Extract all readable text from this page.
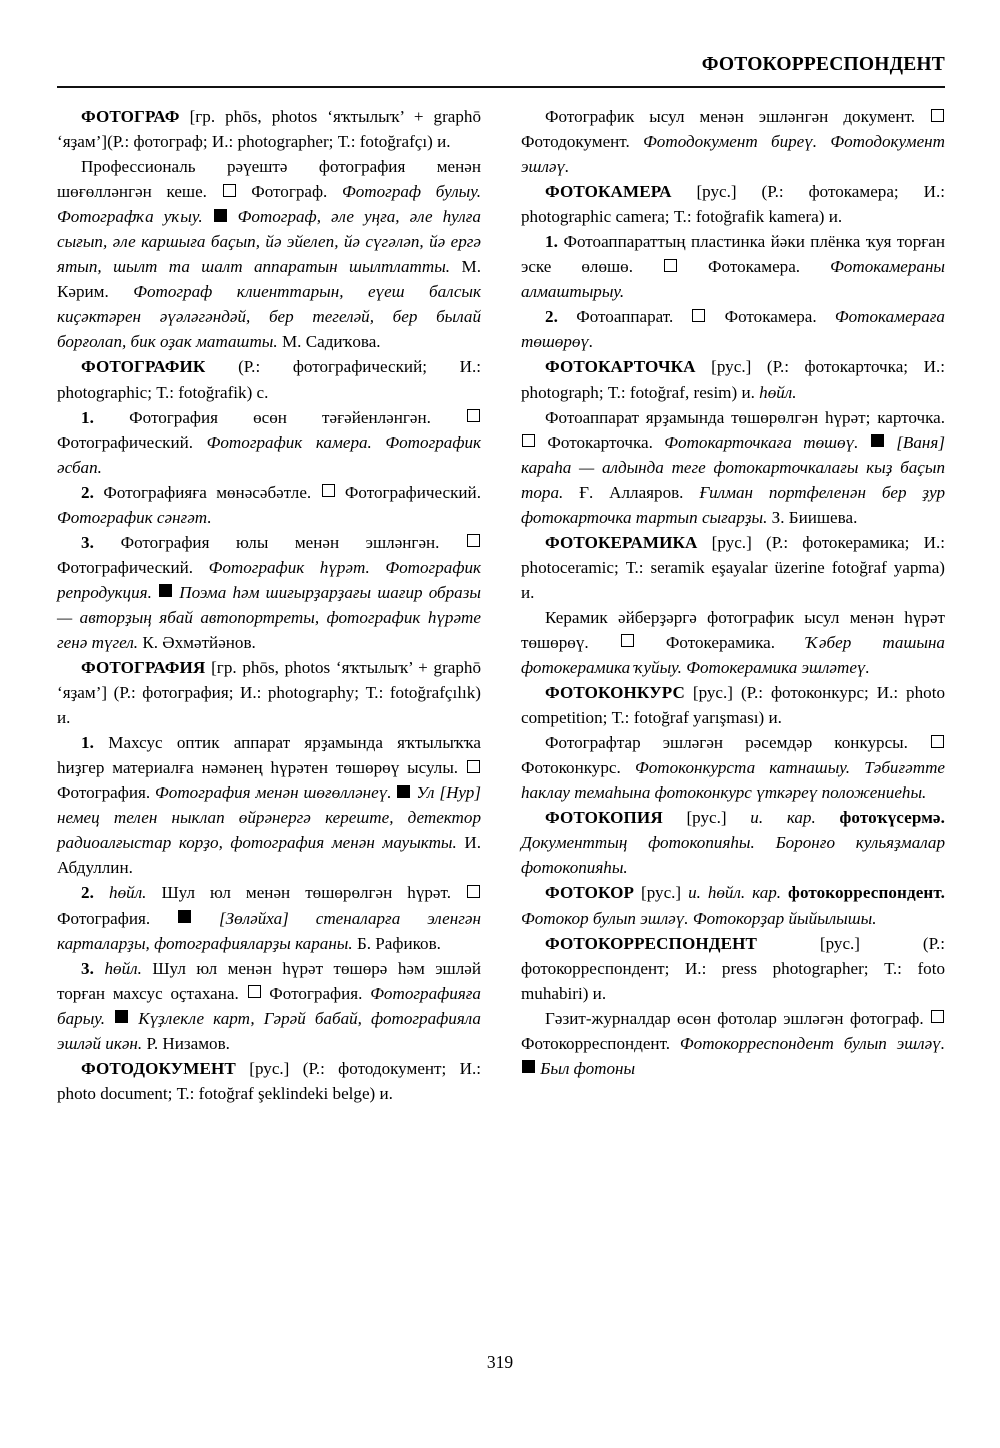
ФОТОКОРРЕСПОНДЕНТ

ФОТОГРАФ [гр. phōs, photos ‘яҡтылыҡ’ + graphō ‘яҙам’](Р.: фотограф; И.: photographer; Т.: fotoğrafçı) и.

Профессиональ рәүештә фотография менән шөғөлләнгән кеше.	Фотограф. Фотограф булыу. Фотографҡа уҡыу. Фотограф, әле уңға, әле һулға сығып, әле каршыға баҫып, йә эйелеп, йә сүгәләп, йә ергә ятып, шылт та шалт аппаратын шылтлатты. М. Кәрим. Фотограф клиенттарын, еүеш балсык киҫәктәрен әүәләгәндәй, бер тегеләй, бер былай борғолап, бик оҙак маташты. М. Садиҡова.

ФОТОГРАФИК (Р.: фотографический; И.: photographic; Т.: fotoğrafik) с.

1. Фотография өсөн тәғәйенләнгән.  Фотографический. Фотографик камера. Фотографик әсбап.

2. Фотографияға мөнәсәбәтле. Фотографический. Фотографик сәнғәт.

3. Фотография юлы менән эшләнгән.  Фотографический. Фотографик һүрәт. Фотографик репродукция. Поэма һәм шиғырҙарҙағы шағир образы — авторҙың ябай автопортреты, фотографик һүрәте генә түгел. К. Әхмәтйәнов.

ФОТОГРАФИЯ [гр. phōs, photos ‘яҡтылыҡ’ + graphō ‘яҙам’] (Р.: фотография; И.: photography; Т.: fotoğrafçılık) и.

1. Махсус оптик аппарат ярҙамында яҡтылыҡҡа һиҙгер материалға нәмәнең һүрәтен төшөрөү ысулы.  Фотография. Фотография менән шөғөлләнеү. Ул [Нур] немец телен ныклап өйрәнергә кереште, детектор радиоалғыстар корҙо, фотография менән мауыкты. И. Абдуллин.

2. һөйл. Шул юл менән төшөрөлгән һүрәт.  Фотография.	[Зөләйха] стеналарға эленгән карталарҙы, фотографияларҙы караны. Б. Рафиков.

3. һөйл. Шул юл менән һүрәт төшөрә һәм эшләй торған махсус оҫтахана. Фотография. Фотографияға барыу. Күҙлекле карт, Гәрәй бабай, фотографияла эшләй икән. Р. Низамов.

ФОТОДОКУМЕНТ [рус.] (Р.: фотодокумент; И.: photo document; Т.: fotoğraf şeklindeki belge) и.

Фотографик ысул менән эшләнгән документ.  Фотодокумент. Фотодокумент биреү. Фотодокумент эшләү.

ФОТОКАМЕРА [рус.] (Р.: фотокамера; И.: photographic camera; Т.: fotoğrafik kamera) и.

1. Фотоаппараттың пластинка йәки плёнка ҡуя торған эске өлөшө.	Фотокамера. Фотокамераны алмаштырыу.

2. Фотоаппарат.	Фотокамера. Фотокамераға төшөрөү.

ФОТОКАРТОЧКА [рус.] (Р.: фотокарточка; И.: photograph; Т.: fotoğraf, resim) и. һөйл.

Фотоаппарат ярҙамында төшөрөлгән һүрәт; карточка.  Фотокарточка. Фотокарточкаға төшөү. [Ваня] караһа — алдында теге фотокарточкалағы кыҙ баҫып тора. Ғ. Аллаяров. Ғилман портфеленән бер ҙур фотокарточка тартып сығарҙы. З. Биишева.

ФОТОКЕРАМИКА [рус.] (Р.: фотокерамика; И.: photoceramic; Т.: seramik eşayalar üzerine fotoğraf yapma) и.

Керамик әйберҙәргә фотографик ысул менән һүрәт төшөрөү.	Фотокерамика. Ҡәбер ташына фотокерамика ҡуйыу. Фотокерамика эшләтеү.

ФОТОКОНКУРС [рус.] (Р.: фотоконкурс; И.: photo competition; Т.: fotoğraf yarışması) и.

Фотографтар эшләгән рәсемдәр конкурсы.  Фотоконкурс. Фотоконкурста катнашыу. Тәбиғәтте һаклау темаһына фотоконкурс үткәреү положениеһы.

ФОТОКОПИЯ [рус.] и. кар. фотоҡүсермә. Документтың фотокопияһы. Боронғо кульяҙмалар фотокопияһы.

ФОТОКОР [рус.] и. һөйл. кар. фотокорреспондент. Фотокор булып эшләү. Фотокорҙар йыйылышы.

ФОТОКОРРЕСПОНДЕНТ	[рус.]	(Р.: фотокорреспондент; И.: press photographer; Т.: foto muhabiri) и.

Гәзит-журналдар өсөн фотолар эшләгән фотограф.  Фотокорреспондент. Фотокорреспондент булып эшләү.  Был фотоны

319
